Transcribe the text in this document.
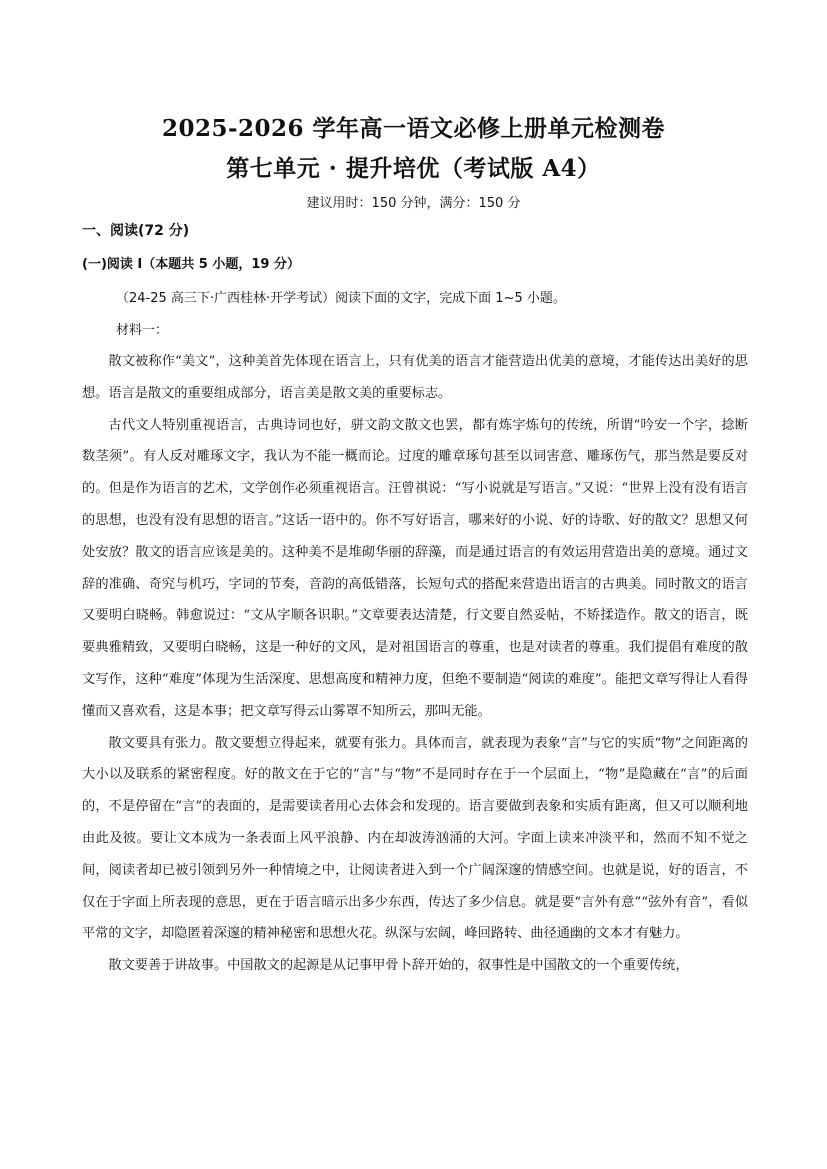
2025-2026 学年高一语文必修上册单元检测卷
第七单元 · 提升培优（考试版 A4）
建议用时：150 分钟，满分：150 分
一、阅读(72 分)
(一)阅读 I（本题共 5 小题，19 分）
（24-25 高三下·广西桂林·开学考试）阅读下面的文字，完成下面 1~5 小题。
材料一：

散文被称作“美文”，这种美首先体现在语言上，只有优美的语言才能营造出优美的意境，才能传达出美好的思想。语言是散文的重要组成部分，语言美是散文美的重要标志。

古代文人特别重视语言，古典诗词也好，骈文韵文散文也罢，都有炼字炼句的传统，所谓“吟安一个字，捻断数茎须”。有人反对雕琢文字，我认为不能一概而论。过度的雕章琢句甚至以词害意、雕琢伤气，那当然是要反对的。但是作为语言的艺术，文学创作必须重视语言。汪曾祺说：“写小说就是写语言。”又说：“世界上没有没有语言的思想，也没有没有思想的语言。”这话一语中的。你不写好语言，哪来好的小说、好的诗歌、好的散文？思想又何处安放？散文的语言应该是美的。这种美不是堆砌华丽的辞藻，而是通过语言的有效运用营造出美的意境。通过文辞的准确、奇究与机巧，字词的节奏，音韵的高低错落，长短句式的搭配来营造出语言的古典美。同时散文的语言又要明白晓畅。韩愈说过：“文从字顺各识职。”文章要表达清楚，行文要自然妥帖，不矫揉造作。散文的语言，既要典雅精致，又要明白晓畅，这是一种好的文风，是对祖国语言的尊重，也是对读者的尊重。我们提倡有难度的散文写作，这种“难度”体现为生活深度、思想高度和精神力度，但绝不要制造“阅读的难度”。能把文章写得让人看得懂而又喜欢看，这是本事；把文章写得云山雾罩不知所云，那叫无能。

散文要具有张力。散文要想立得起来，就要有张力。具体而言，就表现为表象“言”与它的实质“物”之间距离的大小以及联系的紧密程度。好的散文在于它的“言”与“物”不是同时存在于一个层面上，“物”是隐藏在“言”的后面的，不是停留在“言”的表面的，是需要读者用心去体会和发现的。语言要做到表象和实质有距离，但又可以顺利地由此及彼。要让文本成为一条表面上风平浪静、内在却波涛汹涌的大河。字面上读来冲淡平和，然而不知不觉之间，阅读者却已被引领到另外一种情境之中，让阅读者进入到一个广阔深邃的情感空间。也就是说，好的语言，不仅在于字面上所表现的意思，更在于语言暗示出多少东西，传达了多少信息。就是要“言外有意”“弦外有音”，看似平常的文字，却隐匿着深邃的精神秘密和思想火花。纵深与宏阔，峰回路转、曲径通幽的文本才有魅力。

散文要善于讲故事。中国散文的起源是从记事甲骨卜辞开始的，叙事性是中国散文的一个重要传统，
